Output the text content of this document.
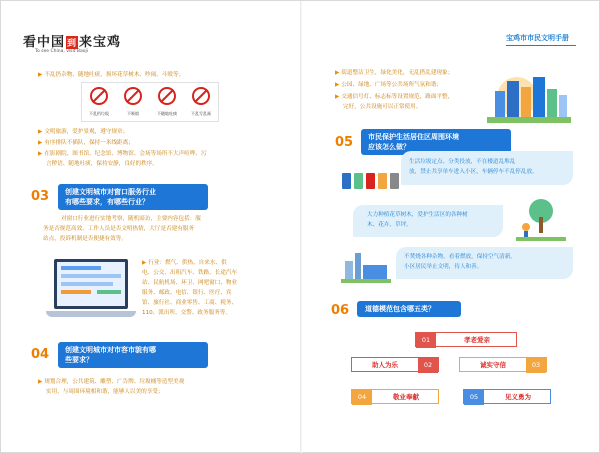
看中国 到 来宝鸡
To see China, visit Baoji
宝鸡市市民文明手册
▶ 不乱扔杂物、随地吐痰，损坏花草树木、吵闹、斗殴等；
不乱扔垃圾	不吸烟	不随地吐痰	不乱写乱画
▶ 文明旅游，爱护景观，遵守规章；
▶ 有序排队不插队，保持一米线距离；
▶ 在影剧院、图书馆、纪念馆、博物馆、会场等场所不大声喧哗、污
言秽语、随地吐痰，保持安静，良好的秩序。
03 创建文明城市对窗口服务行业
有哪些要求，有哪些行业？
对窗口行业进行实地考察，随机暗访，主要内容包括：服
务是否规范高效，工作人员是否文明热情，大厅是否建有服务
站点，投诉机制是否便捷有效等。
▶ 行业：燃气、供热、自来水、供
电、公交、出租汽车、铁路、长途汽车
站、民航机场、环卫、网吧窗口、物业
服务、邮政、电信、银行、医疗、宾
馆、旅行社、商业零售、工商、税务、
110、派出所、交警、政务服务等。
04 创建文明城市对市容市貌有哪
些要求？
▶ 规划合理，公共建筑、雕塑、广告牌、垃圾桶等造型美观
实用，与周围环境相和谐，能够人以美的享受；
▶ 街道整洁卫生，绿化美化，无乱搭乱建现象；
▶ 公园、绿地、广场等公共场所气氛和谐；
▶ 交通信号灯、标志标等设置规范，路面平整，
完好，公共设施可以正常使用。
05 市民保护生活居住区周围环境
应该怎么做？
生活垃圾定点、分类投放，不在楼道乱堆乱
放，禁止共享单车进入小区，车辆停车不乱停乱放。
大力种植花草树木，爱护生活区的各种树
木、花卉、草坪。
不焚烧各种杂物，看着燃放，保持空气清新。
小区居民举止文明，待人和善。
06	道德模范包含哪五类？
01	孝老爱亲
助人为乐	02	诚实守信	03
04	敬业奉献	05	见义勇为
